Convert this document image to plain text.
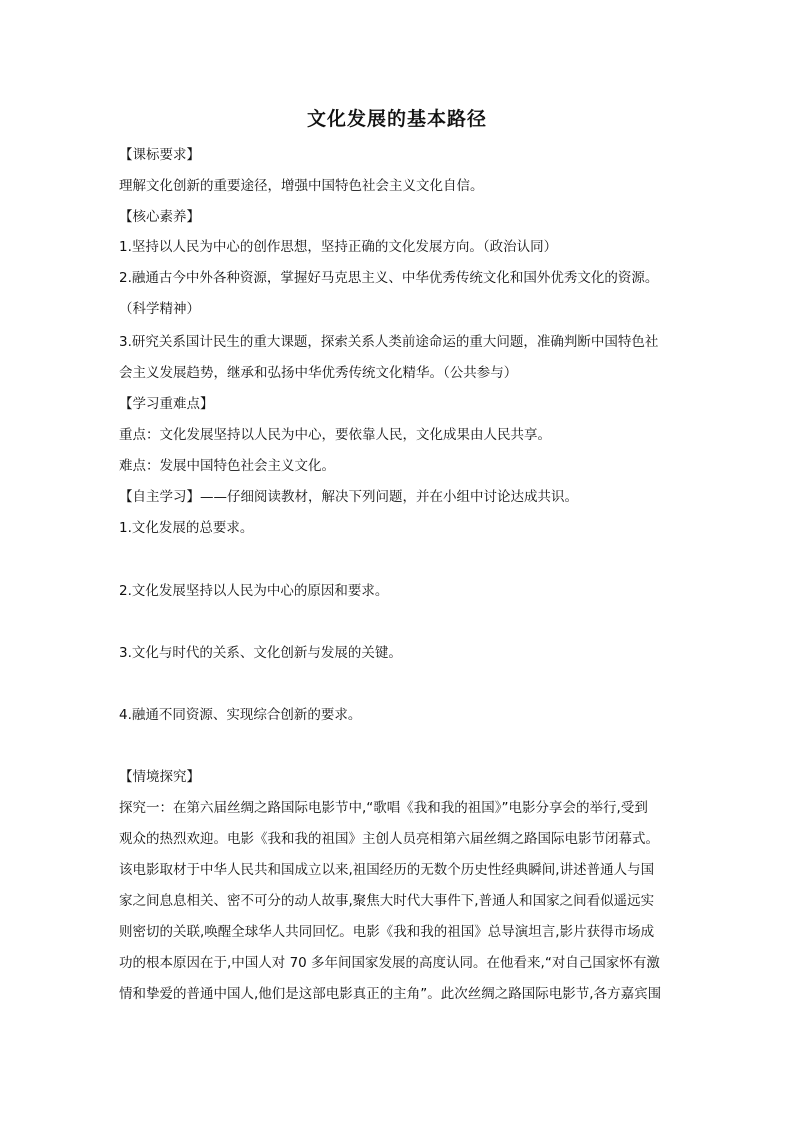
文化发展的基本路径
【课标要求】
理解文化创新的重要途径，增强中国特色社会主义文化自信。
【核心素养】
1.坚持以人民为中心的创作思想，坚持正确的文化发展方向。（政治认同）
2.融通古今中外各种资源，掌握好马克思主义、中华优秀传统文化和国外优秀文化的资源。
（科学精神）
3.研究关系国计民生的重大课题，探索关系人类前途命运的重大问题，准确判断中国特色社
会主义发展趋势，继承和弘扬中华优秀传统文化精华。（公共参与）
【学习重难点】
重点：文化发展坚持以人民为中心，要依靠人民，文化成果由人民共享。
难点：发展中国特色社会主义文化。
【自主学习】——仔细阅读教材，解决下列问题，并在小组中讨论达成共识。
1.文化发展的总要求。
2.文化发展坚持以人民为中心的原因和要求。
3.文化与时代的关系、文化创新与发展的关键。
4.融通不同资源、实现综合创新的要求。
【情境探究】
探究一：在第六届丝绸之路国际电影节中,“歌唱《我和我的祖国》”电影分享会的举行,受到
观众的热烈欢迎。电影《我和我的祖国》主创人员亮相第六届丝绸之路国际电影节闭幕式。
该电影取材于中华人民共和国成立以来,祖国经历的无数个历史性经典瞬间,讲述普通人与国
家之间息息相关、密不可分的动人故事,聚焦大时代大事件下,普通人和国家之间看似遥远实
则密切的关联,唤醒全球华人共同回忆。电影《我和我的祖国》总导演坦言,影片获得市场成
功的根本原因在于,中国人对 70 多年间国家发展的高度认同。在他看来,“对自己国家怀有激
情和挚爱的普通中国人,他们是这部电影真正的主角”。此次丝绸之路国际电影节,各方嘉宾围
